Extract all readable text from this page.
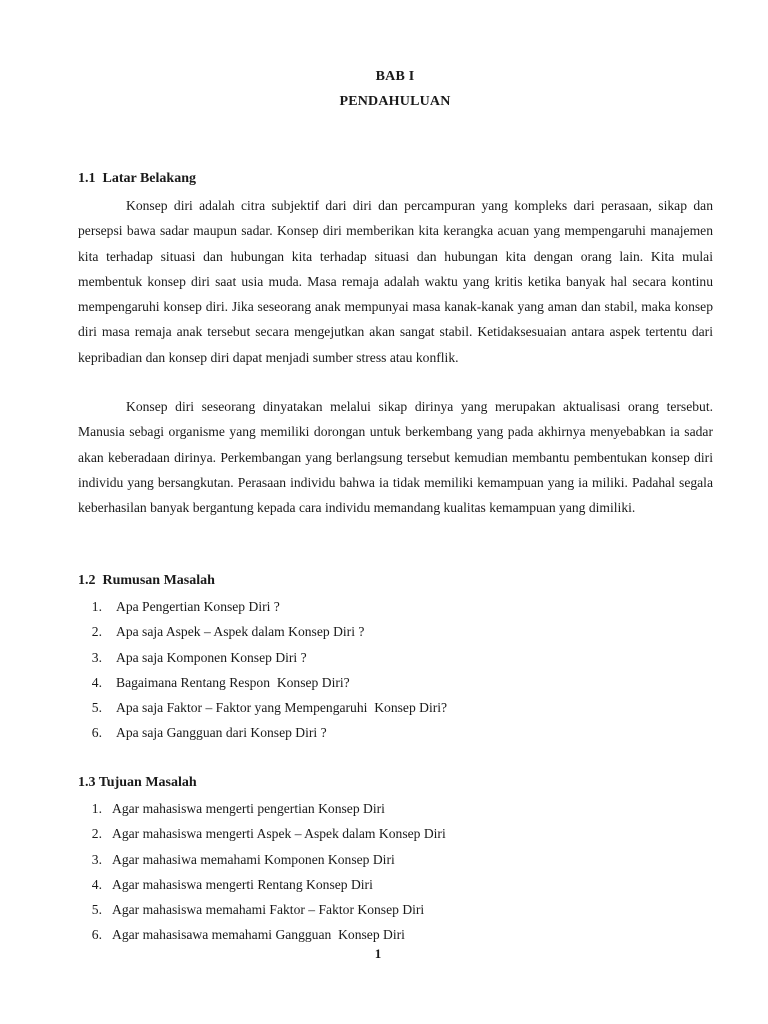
BAB I
PENDAHULUAN
1.1  Latar Belakang

Konsep diri adalah citra subjektif dari diri dan percampuran yang kompleks dari perasaan, sikap dan persepsi bawa sadar maupun sadar. Konsep diri memberikan kita kerangka acuan yang mempengaruhi manajemen kita terhadap situasi dan hubungan kita terhadap situasi dan hubungan kita dengan orang lain. Kita mulai membentuk konsep diri saat usia muda. Masa remaja adalah waktu yang kritis ketika banyak hal secara kontinu mempengaruhi konsep diri. Jika seseorang anak mempunyai masa kanak-kanak yang aman dan stabil, maka konsep diri masa remaja anak tersebut secara mengejutkan akan sangat stabil. Ketidaksesuaian antara aspek tertentu dari kepribadian dan konsep diri dapat menjadi sumber stress atau konflik.

Konsep diri seseorang dinyatakan melalui sikap dirinya yang merupakan aktualisasi orang tersebut. Manusia sebagi organisme yang memiliki dorongan untuk berkembang yang pada akhirnya menyebabkan ia sadar akan keberadaan dirinya. Perkembangan yang berlangsung tersebut kemudian membantu pembentukan konsep diri individu yang bersangkutan. Perasaan individu bahwa ia tidak memiliki kemampuan yang ia miliki. Padahal segala keberhasilan banyak bergantung kepada cara individu memandang kualitas kemampuan yang dimiliki.

1.2  Rumusan Masalah
1. Apa Pengertian Konsep Diri ?
2. Apa saja Aspek – Aspek dalam Konsep Diri ?
3. Apa saja Komponen Konsep Diri ?
4. Bagaimana Rentang Respon  Konsep Diri?
5. Apa saja Faktor – Faktor yang Mempengaruhi  Konsep Diri?
6. Apa saja Gangguan dari Konsep Diri ?
1.3 Tujuan Masalah
1. Agar mahasiswa mengerti pengertian Konsep Diri
2. Agar mahasiswa mengerti Aspek – Aspek dalam Konsep Diri
3. Agar mahasiwa memahami Komponen Konsep Diri
4. Agar mahasiswa mengerti Rentang Konsep Diri
5. Agar mahasiswa memahami Faktor – Faktor Konsep Diri
6. Agar mahasisawa memahami Gangguan  Konsep Diri
1
